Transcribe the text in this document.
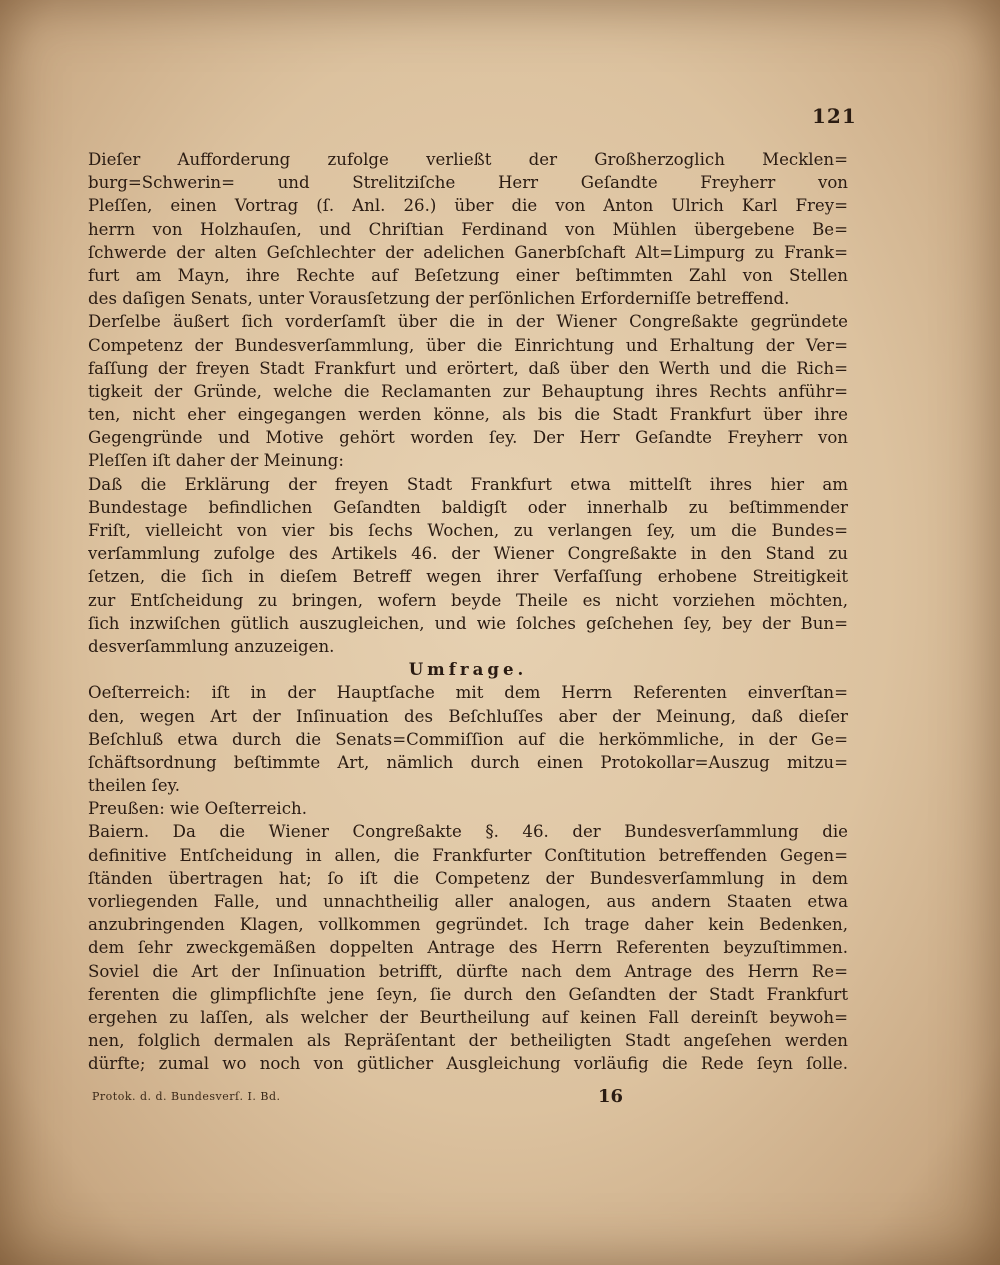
121
Dieſer Aufforderung zufolge verließt der Großherzoglich Mecklen=
burg=Schwerin= und Strelitziſche Herr Geſandte Freyherr von
Pleſſen, einen Vortrag (ſ. Anl. 26.) über die von Anton Ulrich Karl Frey=
herrn von Holzhauſen, und Chriſtian Ferdinand von Mühlen übergebene Be=
ſchwerde der alten Geſchlechter der adelichen Ganerbſchaft Alt=Limpurg zu Frank=
furt am Mayn, ihre Rechte auf Beſetzung einer beſtimmten Zahl von Stellen
des daſigen Senats, unter Vorausſetzung der perſönlichen Erforderniſſe betreffend.
Derſelbe äußert ſich vorderſamſt über die in der Wiener Congreßakte gegründete
Competenz der Bundesverſammlung, über die Einrichtung und Erhaltung der Ver=
faſſung der freyen Stadt Frankfurt und erörtert, daß über den Werth und die Rich=
tigkeit der Gründe, welche die Reclamanten zur Behauptung ihres Rechts anführ=
ten, nicht eher eingegangen werden könne, als bis die Stadt Frankfurt über ihre
Gegengründe und Motive gehört worden ſey. Der Herr Geſandte Freyherr von
Pleſſen iſt daher der Meinung:
Daß die Erklärung der freyen Stadt Frankfurt etwa mittelſt ihres hier am
Bundestage befindlichen Geſandten baldigſt oder innerhalb zu beſtimmender
Friſt, vielleicht von vier bis ſechs Wochen, zu verlangen ſey, um die Bundes=
verſammlung zufolge des Artikels 46. der Wiener Congreßakte in den Stand zu
ſetzen, die ſich in dieſem Betreff wegen ihrer Verfaſſung erhobene Streitigkeit
zur Entſcheidung zu bringen, wofern beyde Theile es nicht vorziehen möchten,
ſich inzwiſchen gütlich auszugleichen, und wie ſolches geſchehen ſey, bey der Bun=
desverſammlung anzuzeigen.
Umfrage.
Oeſterreich: iſt in der Hauptſache mit dem Herrn Referenten einverſtan=
den, wegen Art der Inſinuation des Beſchluſſes aber der Meinung, daß dieſer
Beſchluß etwa durch die Senats=Commiſſion auf die herkömmliche, in der Ge=
ſchäftsordnung beſtimmte Art, nämlich durch einen Protokollar=Auszug mitzu=
theilen ſey.
Preußen: wie Oeſterreich.
Baiern. Da die Wiener Congreßakte §. 46. der Bundesverſammlung die
definitive Entſcheidung in allen, die Frankfurter Conſtitution betreffenden Gegen=
ſtänden übertragen hat; ſo iſt die Competenz der Bundesverſammlung in dem
vorliegenden Falle, und unnachtheilig aller analogen, aus andern Staaten etwa
anzubringenden Klagen, vollkommen gegründet. Ich trage daher kein Bedenken,
dem ſehr zweckgemäßen doppelten Antrage des Herrn Referenten beyzuſtimmen.
Soviel die Art der Inſinuation betrifft, dürfte nach dem Antrage des Herrn Re=
ferenten die glimpflichſte jene ſeyn, ſie durch den Geſandten der Stadt Frankfurt
ergehen zu laſſen, als welcher der Beurtheilung auf keinen Fall dereinſt beywoh=
nen, folglich dermalen als Repräſentant der betheiligten Stadt angeſehen werden
dürfte; zumal wo noch von gütlicher Ausgleichung vorläufig die Rede ſeyn ſolle.
Protok. d. d. Bundesverſ. I. Bd.	16
